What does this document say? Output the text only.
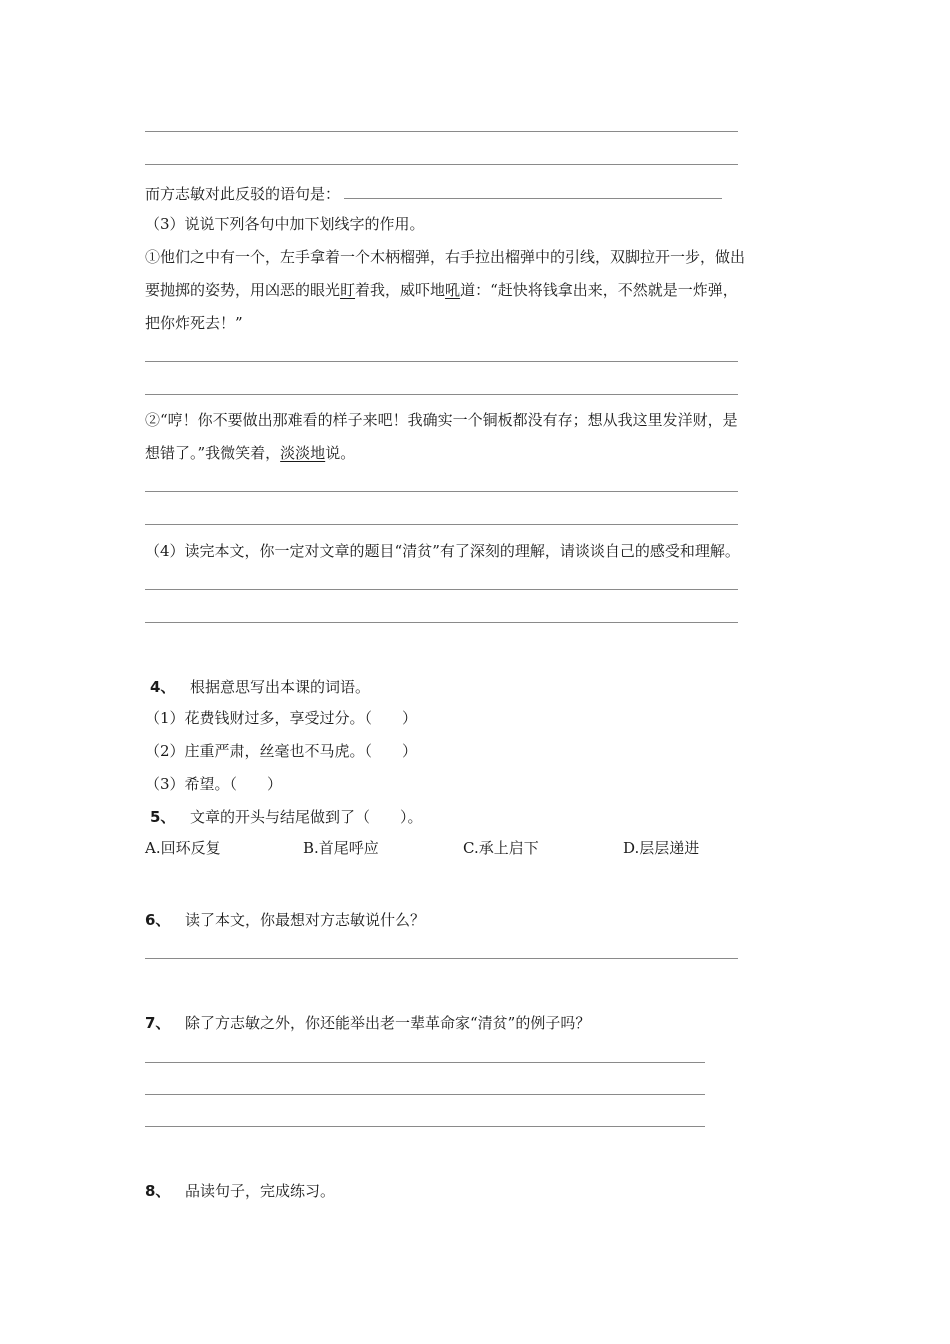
而方志敏对此反驳的语句是：
（3）说说下列各句中加下划线字的作用。
①他们之中有一个，左手拿着一个木柄榴弹，右手拉出榴弹中的引线，双脚拉开一步，做出
要抛掷的姿势，用凶恶的眼光盯着我，威吓地吼道：“赶快将钱拿出来，不然就是一炸弹，
把你炸死去！”
②“哼！你不要做出那难看的样子来吧！我确实一个铜板都没有存；想从我这里发洋财，是
想错了。”我微笑着，淡淡地说。
（4）读完本文，你一定对文章的题目“清贫”有了深刻的理解，请谈谈自己的感受和理解。
4、 根据意思写出本课的词语。
（1）花费钱财过多，享受过分。（　　）
（2）庄重严肃，丝毫也不马虎。（　　）
（3）希望。（　　）
5、 文章的开头与结尾做到了（　　）。
A.回环反复	B.首尾呼应	C.承上启下	D.层层递进
6、 读了本文，你最想对方志敏说什么？
7、 除了方志敏之外，你还能举出老一辈革命家“清贫”的例子吗？
8、 品读句子，完成练习。
